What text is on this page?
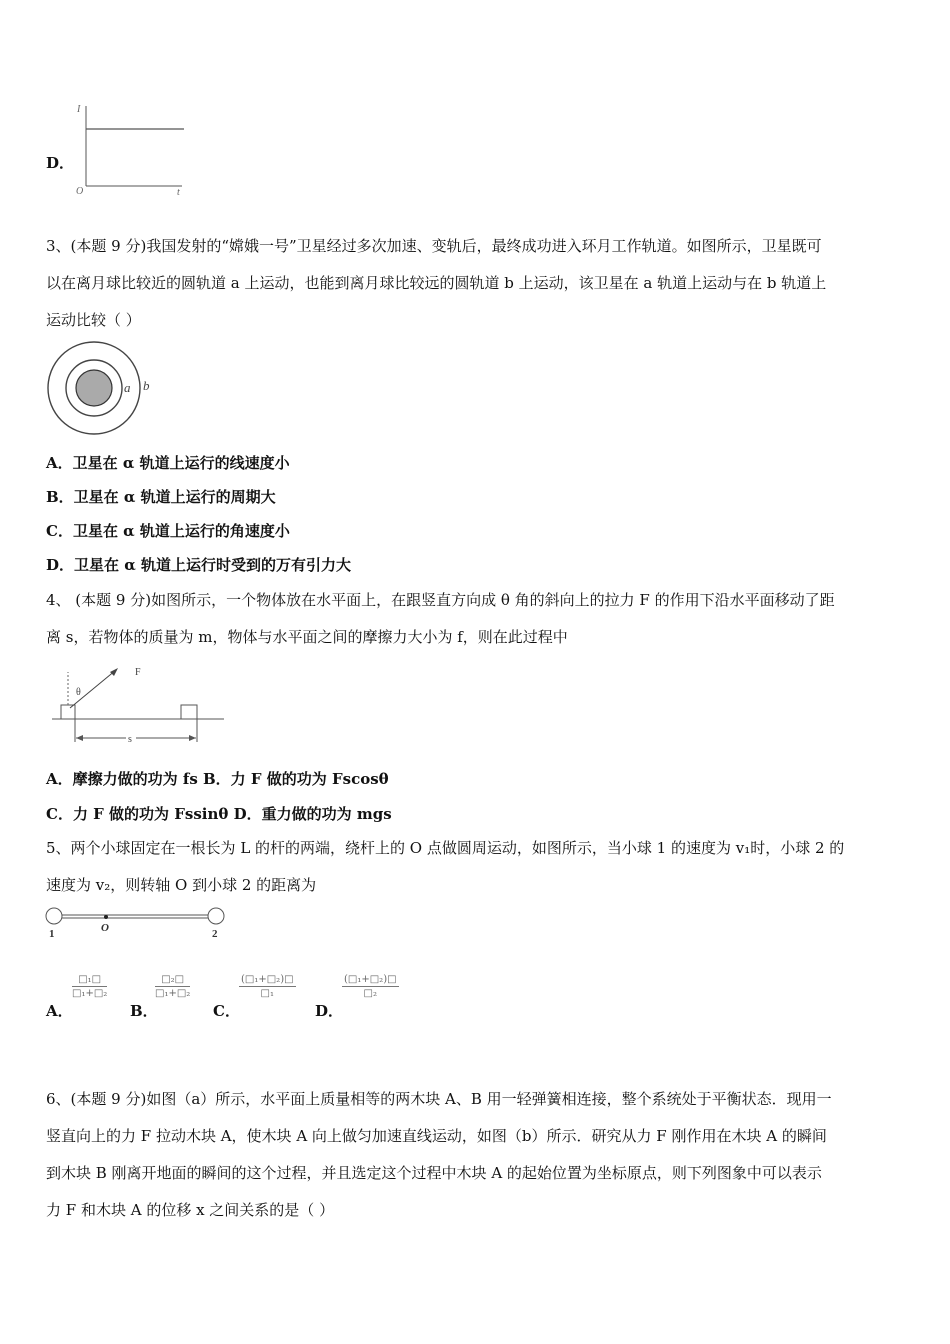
D．
I
t
O
3、(本题 9 分)我国发射的“嫦娥一号”卫星经过多次加速、变轨后，最终成功进入环月工作轨道。如图所示，卫星既可
以在离月球比较近的圆轨道 a 上运动，也能到离月球比较远的圆轨道 b 上运动，该卫星在 a 轨道上运动与在 b 轨道上
运动比较（ ）
a b
A．卫星在 α 轨道上运行的线速度小
B．卫星在 α 轨道上运行的周期大
C．卫星在 α 轨道上运行的角速度小
D．卫星在 α 轨道上运行时受到的万有引力大
4、 (本题 9 分)如图所示，一个物体放在水平面上，在跟竖直方向成 θ 角的斜向上的拉力 F 的作用下沿水平面移动了距
离 s，若物体的质量为 m，物体与水平面之间的摩擦力大小为 f，则在此过程中
F
θ
s
A．摩擦力做的功为 fs B．力 F 做的功为 Fscosθ
C．力 F 做的功为 Fssinθ D．重力做的功为 mgs
5、两个小球固定在一根长为 L 的杆的两端，绕杆上的 O 点做圆周运动，如图所示，当小球 1 的速度为 v₁时，小球 2 的
速度为 v₂，则转轴 O 到小球 2 的距离为
1	O	2
A．
□₁□
□₁+□₂
B．
□₂□
□₁+□₂
C．
(□₁+□₂)□
□₁
D．
(□₁+□₂)□
□₂
6、(本题 9 分)如图（a）所示，水平面上质量相等的两木块 A、B 用一轻弹簧相连接，整个系统处于平衡状态．现用一
竖直向上的力 F 拉动木块 A，使木块 A 向上做匀加速直线运动，如图（b）所示．研究从力 F 刚作用在木块 A 的瞬间
到木块 B 刚离开地面的瞬间的这个过程，并且选定这个过程中木块 A 的起始位置为坐标原点，则下列图象中可以表示
力 F 和木块 A 的位移 x 之间关系的是（ ）
